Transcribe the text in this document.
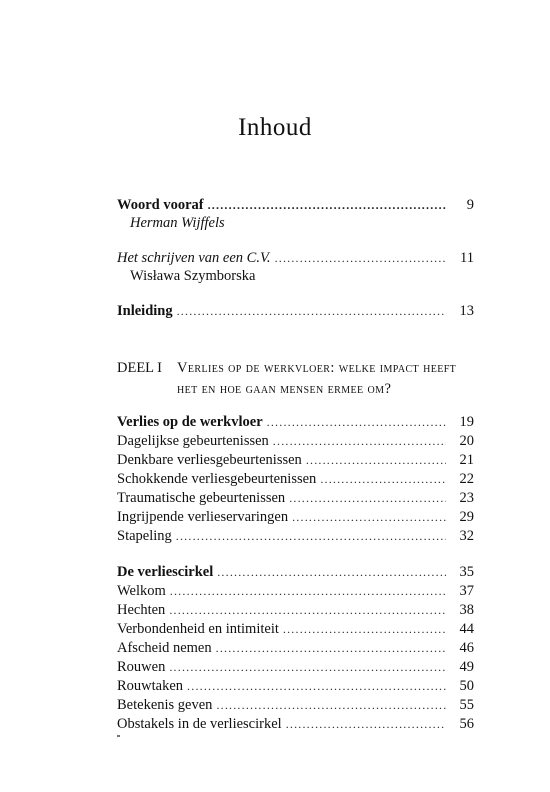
Inhoud
Woord vooraf .....	9
Herman Wijffels
Het schrijven van een C.V. .....	11
Wisława Szymborska
Inleiding .....	13
DEEL I Verlies op de werkvloer: welke impact heeft
het en hoe gaan mensen ermee om?
Verlies op de werkvloer .....	19
Dagelijkse gebeurtenissen .....	20
Denkbare verliesgebeurtenissen .....	21
Schokkende verliesgebeurtenissen .....	22
Traumatische gebeurtenissen .....	23
Ingrijpende verlieservaringen .....	29
Stapeling .....	32
De verliescirkel .....	35
Welkom .....	37
Hechten .....	38
Verbondenheid en intimiteit .....	44
Afscheid nemen .....	46
Rouwen .....	49
Rouwtaken .....	50
Betekenis geven .....	55
Obstakels in de verliescirkel .....	56
